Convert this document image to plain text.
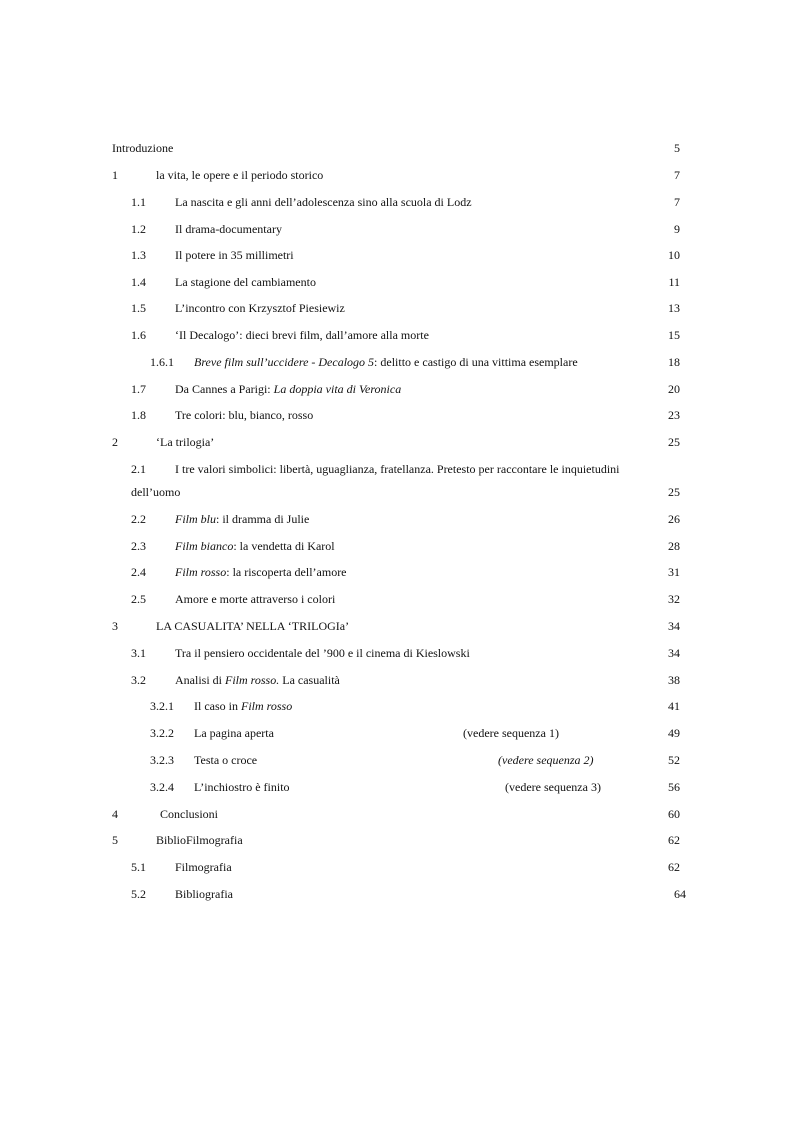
Introduzione	5
1	la vita, le opere e il periodo storico	7
1.1 La nascita e gli anni dell’adolescenza sino alla scuola di Lodz	7
1.2 Il drama-documentary	9
1.3 Il potere in 35 millimetri	10
1.4 La stagione del cambiamento	11
1.5 L’incontro con Krzysztof Piesiewiz	13
1.6 ‘Il Decalogo’: dieci brevi film, dall’amore alla morte	15
1.6.1 Breve film sull’uccidere - Decalogo 5: delitto e castigo di una vittima esemplare	18
1.7 Da Cannes a Parigi: La doppia vita di Veronica	20
1.8 Tre colori: blu, bianco, rosso	23
2	‘La trilogia’	25
2.1 I tre valori simbolici: libertà, uguaglianza, fratellanza. Pretesto per raccontare le inquietudini
dell’uomo	25
2.2 Film blu: il dramma di Julie	26
2.3 Film bianco: la vendetta di Karol	28
2.4 Film rosso: la riscoperta dell’amore	31
2.5 Amore e morte attraverso i colori	32
3	LA CASUALITA’ NELLA ‘TRILOGIa’	34
3.1 Tra il pensiero occidentale del ’900 e il cinema di Kieslowski	34
3.2 Analisi di Film rosso. La casualità	38
3.2.1 Il caso in Film rosso	41
3.2.2 La pagina aperta	(vedere sequenza 1)	49
3.2.3 Testa o croce	(vedere sequenza 2)	52
3.2.4 L’inchiostro è finito	(vedere sequenza 3)	56
4	Conclusioni	60
5	BiblioFilmografia	62
5.1 Filmografia	62
5.2 Bibliografia	64
